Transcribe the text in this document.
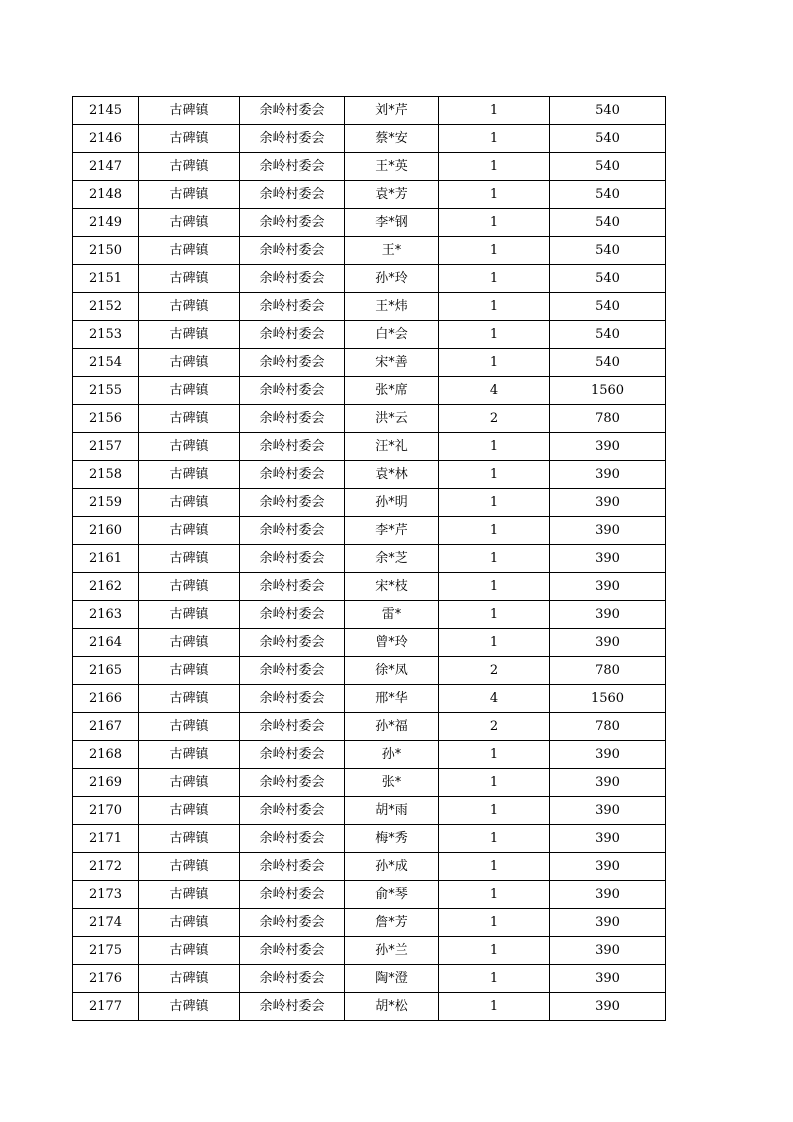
2145	古碑镇	余岭村委会	刘*芹	1	540
2146	古碑镇	余岭村委会	蔡*安	1	540
2147	古碑镇	余岭村委会	王*英	1	540
2148	古碑镇	余岭村委会	袁*芳	1	540
2149	古碑镇	余岭村委会	李*钢	1	540
2150	古碑镇	余岭村委会	王*	1	540
2151	古碑镇	余岭村委会	孙*玲	1	540
2152	古碑镇	余岭村委会	王*炜	1	540
2153	古碑镇	余岭村委会	白*会	1	540
2154	古碑镇	余岭村委会	宋*善	1	540
2155	古碑镇	余岭村委会	张*席	4	1560
2156	古碑镇	余岭村委会	洪*云	2	780
2157	古碑镇	余岭村委会	汪*礼	1	390
2158	古碑镇	余岭村委会	袁*林	1	390
2159	古碑镇	余岭村委会	孙*明	1	390
2160	古碑镇	余岭村委会	李*芹	1	390
2161	古碑镇	余岭村委会	余*芝	1	390
2162	古碑镇	余岭村委会	宋*枝	1	390
2163	古碑镇	余岭村委会	雷*	1	390
2164	古碑镇	余岭村委会	曾*玲	1	390
2165	古碑镇	余岭村委会	徐*凤	2	780
2166	古碑镇	余岭村委会	邢*华	4	1560
2167	古碑镇	余岭村委会	孙*福	2	780
2168	古碑镇	余岭村委会	孙*	1	390
2169	古碑镇	余岭村委会	张*	1	390
2170	古碑镇	余岭村委会	胡*雨	1	390
2171	古碑镇	余岭村委会	梅*秀	1	390
2172	古碑镇	余岭村委会	孙*成	1	390
2173	古碑镇	余岭村委会	俞*琴	1	390
2174	古碑镇	余岭村委会	詹*芳	1	390
2175	古碑镇	余岭村委会	孙*兰	1	390
2176	古碑镇	余岭村委会	陶*澄	1	390
2177	古碑镇	余岭村委会	胡*松	1	390
